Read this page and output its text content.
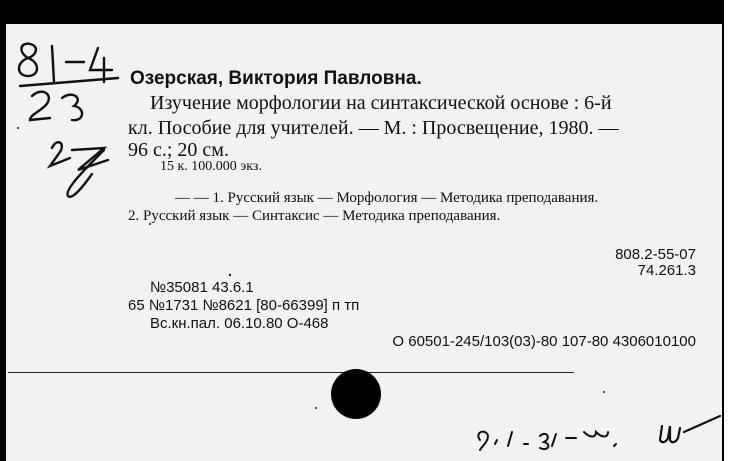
Озерская, Виктория Павловна.
Изучение морфологии на синтаксической основе : 6-й
кл. Пособие для учителей. — М. : Просвещение, 1980. —
96 с.; 20 см.
15 к. 100.000 экз.
— — 1. Русский язык — Морфология — Методика преподавания.
2. Русский язык — Синтаксис — Методика преподавания.
808.2-55-07
74.261.3
№35081 43.6.1
65 №1731 №8621 [80-66399] п тп
Вс.кн.пал. 06.10.80 О-468
О 60501-245/103(03)-80 107-80 4306010100
